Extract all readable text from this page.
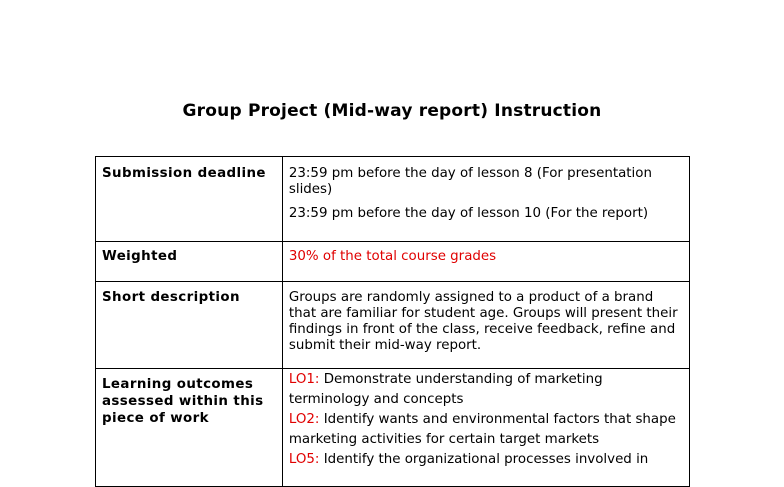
Group Project (Mid-way report) Instruction
Submission deadline	23:59 pm before the day of lesson 8 (For presentation slides)
23:59 pm before the day of lesson 10 (For the report)

Weighted	30% of the total course grades
Short description	Groups are randomly assigned to a product of a brand that are familiar for student age. Groups will present their findings in front of the class, receive feedback, refine and submit their mid-way report.
Learning outcomes assessed within this piece of work	LO1: Demonstrate understanding of marketing terminology and concepts
LO2: Identify wants and environmental factors that shape marketing activities for certain target markets
LO5: Identify the organizational processes involved in
